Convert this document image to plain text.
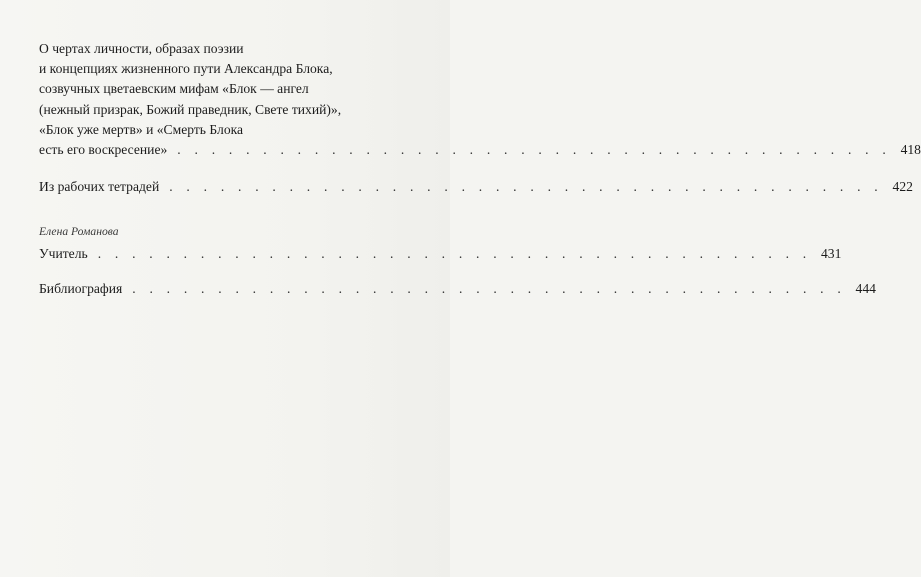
О чертах личности, образах поэзии
и концепциях жизненного пути Александра Блока,
созвучных цветаевским мифам «Блок — ангел
(нежный призрак, Божий праведник, Свете тихий)»,
«Блок уже мертв» и «Смерть Блока
есть его воскресение» . . . . . . . . . . . . . . . . . . . . . . . . . . . . . . . . . . . . . . . . . . 418
Из рабочих тетрадей . . . . . . . . . . . . . . . . . . . . . . . . . . . . . . . . . . . . . . . . . . 422
Елена Романова
Учитель . . . . . . . . . . . . . . . . . . . . . . . . . . . . . . . . . . . . . . . . . . 431
Библиография . . . . . . . . . . . . . . . . . . . . . . . . . . . . . . . . . . . . . . . . . . 444
